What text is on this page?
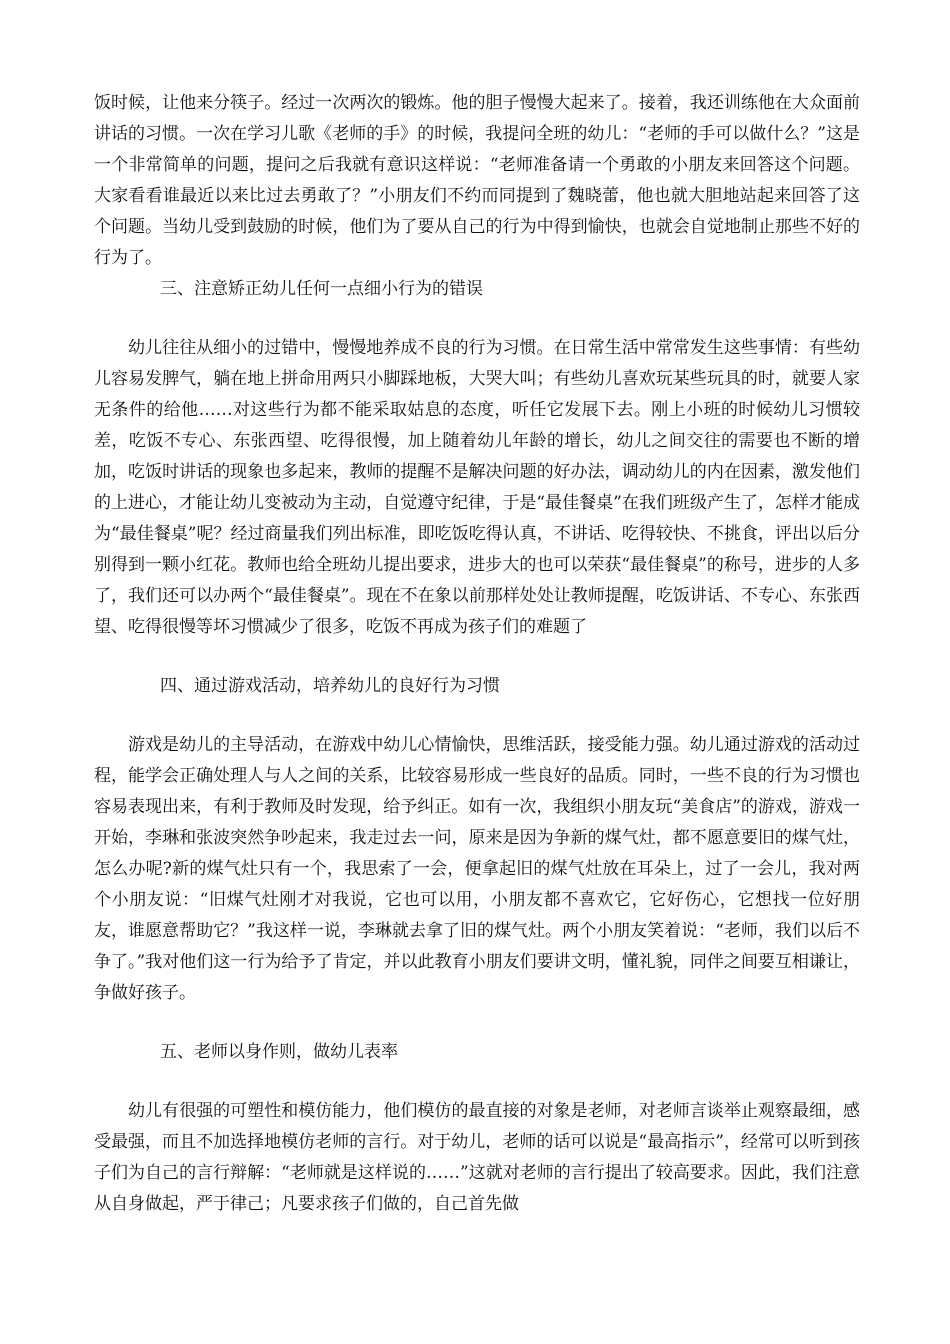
饭时候，让他来分筷子。经过一次两次的锻炼。他的胆子慢慢大起来了。接着，我还训练他在大众面前讲话的习惯。一次在学习儿歌《老师的手》的时候，我提问全班的幼儿：“老师的手可以做什么？”这是一个非常简单的问题，提问之后我就有意识这样说：“老师准备请一个勇敢的小朋友来回答这个问题。大家看看谁最近以来比过去勇敢了？”小朋友们不约而同提到了魏晓蕾，他也就大胆地站起来回答了这个问题。当幼儿受到鼓励的时候，他们为了要从自己的行为中得到愉快，也就会自觉地制止那些不好的行为了。

三、注意矫正幼儿任何一点细小行为的错误

幼儿往往从细小的过错中，慢慢地养成不良的行为习惯。在日常生活中常常发生这些事情：有些幼儿容易发脾气，躺在地上拼命用两只小脚踩地板，大哭大叫；有些幼儿喜欢玩某些玩具的时，就要人家无条件的给他……对这些行为都不能采取姑息的态度，听任它发展下去。刚上小班的时候幼儿习惯较差，吃饭不专心、东张西望、吃得很慢，加上随着幼儿年龄的增长，幼儿之间交往的需要也不断的增加，吃饭时讲话的现象也多起来，教师的提醒不是解决问题的好办法，调动幼儿的内在因素，激发他们的上进心，才能让幼儿变被动为主动，自觉遵守纪律，于是“最佳餐桌”在我们班级产生了，怎样才能成为“最佳餐桌”呢？经过商量我们列出标准，即吃饭吃得认真，不讲话、吃得较快、不挑食，评出以后分别得到一颗小红花。教师也给全班幼儿提出要求，进步大的也可以荣获“最佳餐桌”的称号，进步的人多了，我们还可以办两个“最佳餐桌”。现在不在象以前那样处处让教师提醒，吃饭讲话、不专心、东张西望、吃得很慢等坏习惯减少了很多，吃饭不再成为孩子们的难题了

四、通过游戏活动，培养幼儿的良好行为习惯

游戏是幼儿的主导活动，在游戏中幼儿心情愉快，思维活跃，接受能力强。幼儿通过游戏的活动过程，能学会正确处理人与人之间的关系，比较容易形成一些良好的品质。同时，一些不良的行为习惯也容易表现出来，有利于教师及时发现，给予纠正。如有一次，我组织小朋友玩“美食店”的游戏，游戏一开始，李琳和张波突然争吵起来，我走过去一问，原来是因为争新的煤气灶，都不愿意要旧的煤气灶，怎么办呢?新的煤气灶只有一个，我思索了一会，便拿起旧的煤气灶放在耳朵上，过了一会儿，我对两个小朋友说：“旧煤气灶刚才对我说，它也可以用，小朋友都不喜欢它，它好伤心，它想找一位好朋友，谁愿意帮助它？”我这样一说，李琳就去拿了旧的煤气灶。两个小朋友笑着说：“老师，我们以后不争了。”我对他们这一行为给予了肯定，并以此教育小朋友们要讲文明，懂礼貌，同伴之间要互相谦让，争做好孩子。

五、老师以身作则，做幼儿表率

幼儿有很强的可塑性和模仿能力，他们模仿的最直接的对象是老师，对老师言谈举止观察最细，感受最强，而且不加选择地模仿老师的言行。对于幼儿，老师的话可以说是“最高指示”，经常可以听到孩子们为自己的言行辩解：“老师就是这样说的……”这就对老师的言行提出了较高要求。因此，我们注意从自身做起，严于律己；凡要求孩子们做的，自己首先做
